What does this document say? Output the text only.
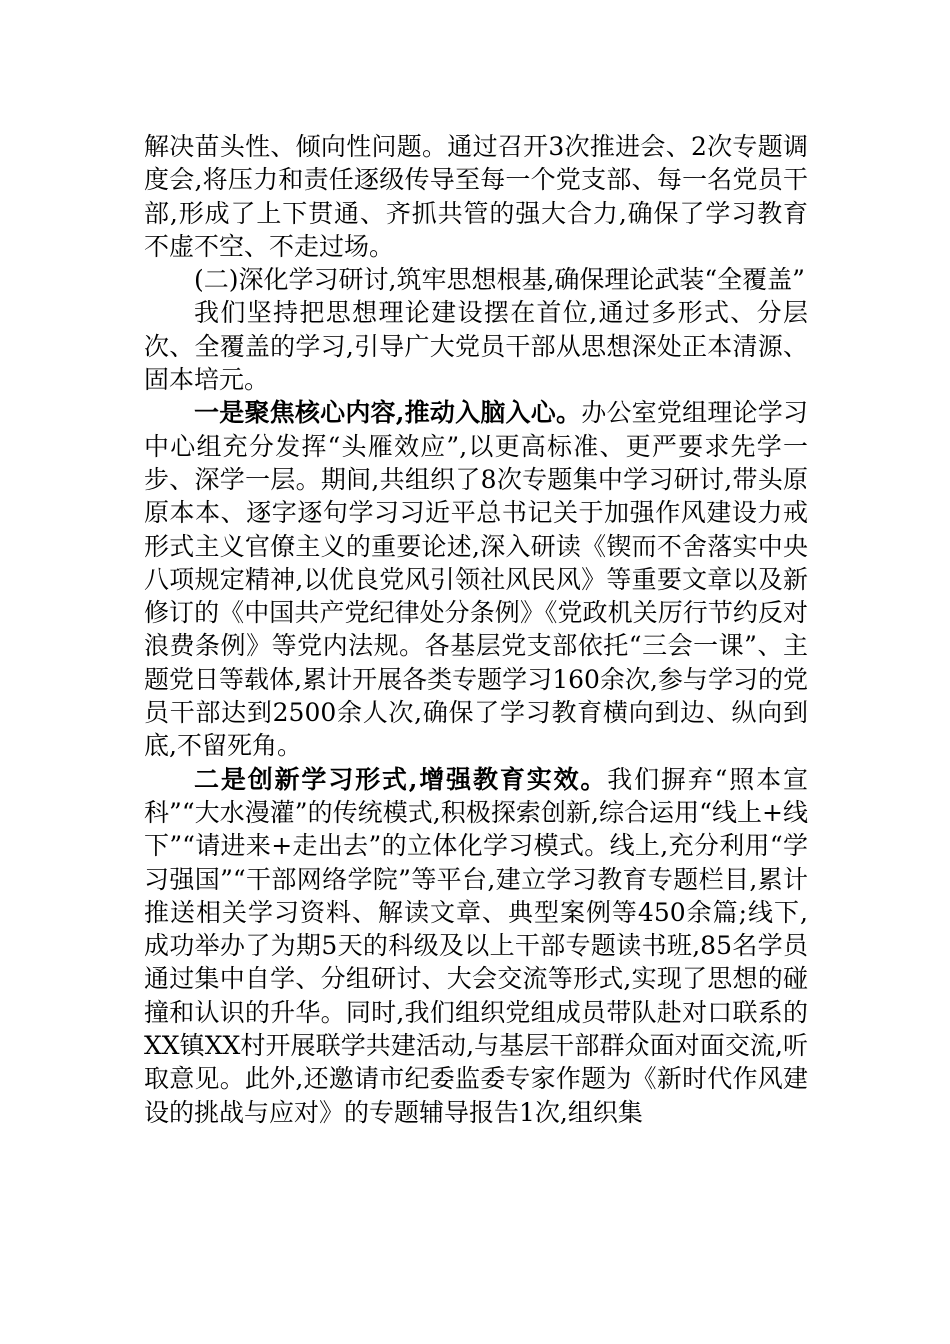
解决苗头性、倾向性问题。通过召开3次推进会、2次专题调度会,将压力和责任逐级传导至每一个党支部、每一名党员干部,形成了上下贯通、齐抓共管的强大合力,确保了学习教育不虚不空、不走过场。

(二)深化学习研讨,筑牢思想根基,确保理论武装“全覆盖”

我们坚持把思想理论建设摆在首位,通过多形式、分层次、全覆盖的学习,引导广大党员干部从思想深处正本清源、固本培元。

一是聚焦核心内容,推动入脑入心。办公室党组理论学习中心组充分发挥“头雁效应”,以更高标准、更严要求先学一步、深学一层。期间,共组织了8次专题集中学习研讨,带头原原本本、逐字逐句学习习近平总书记关于加强作风建设力戒形式主义官僚主义的重要论述,深入研读《锲而不舍落实中央八项规定精神,以优良党风引领社风民风》等重要文章以及新修订的《中国共产党纪律处分条例》《党政机关厉行节约反对浪费条例》等党内法规。各基层党支部依托“三会一课”、主题党日等载体,累计开展各类专题学习160余次,参与学习的党员干部达到2500余人次,确保了学习教育横向到边、纵向到底,不留死角。

二是创新学习形式,增强教育实效。我们摒弃“照本宣科”“大水漫灌”的传统模式,积极探索创新,综合运用“线上+线下”“请进来+走出去”的立体化学习模式。线上,充分利用“学习强国”“干部网络学院”等平台,建立学习教育专题栏目,累计推送相关学习资料、解读文章、典型案例等450余篇;线下,成功举办了为期5天的科级及以上干部专题读书班,85名学员通过集中自学、分组研讨、大会交流等形式,实现了思想的碰撞和认识的升华。同时,我们组织党组成员带队赴对口联系的XX镇XX村开展联学共建活动,与基层干部群众面对面交流,听取意见。此外,还邀请市纪委监委专家作题为《新时代作风建设的挑战与应对》的专题辅导报告1次,组织集
